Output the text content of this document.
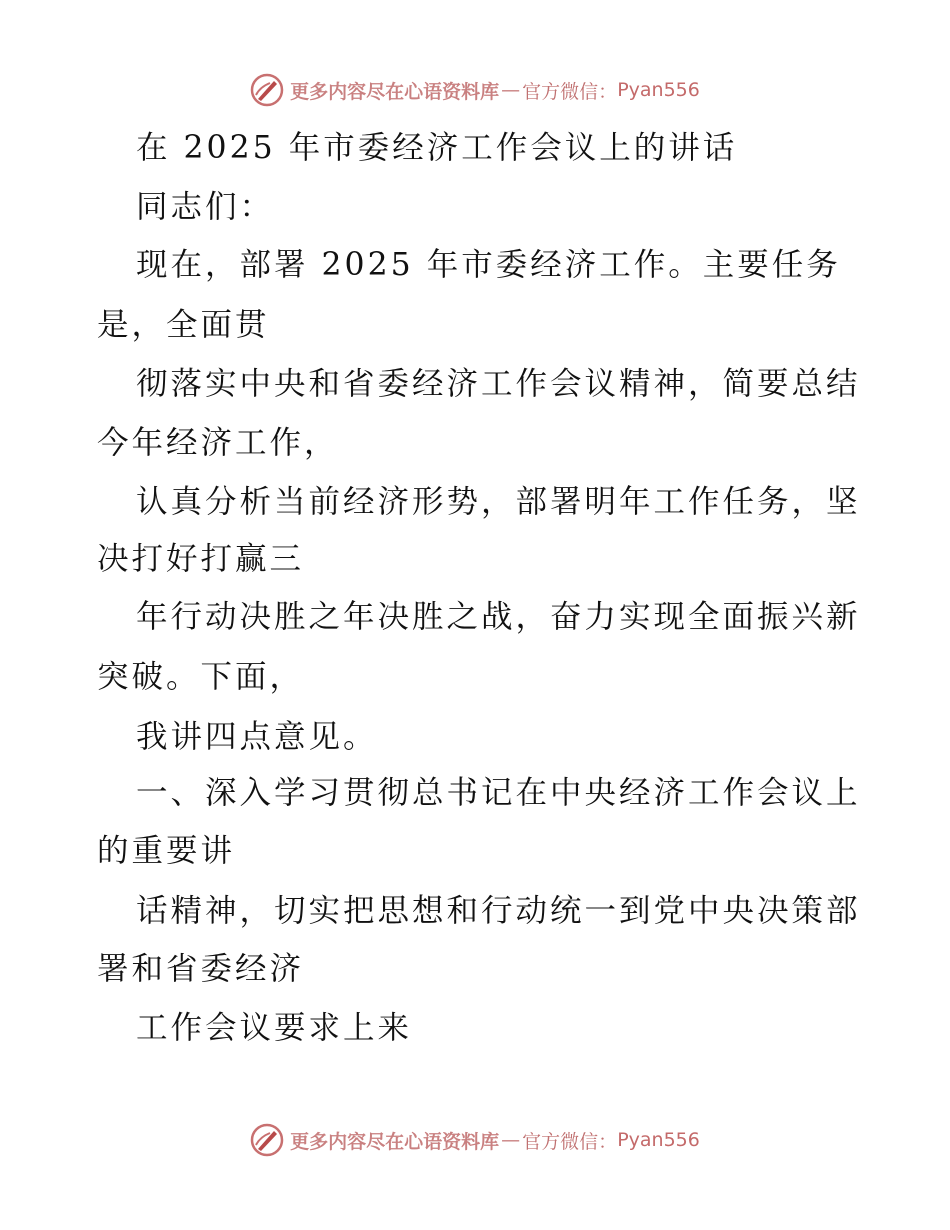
更多内容尽在心语资料库 — 官方微信： Pyan556
在 2025 年市委经济工作会议上的讲话
同志们：
现在，部署 2025 年市委经济工作。主要任务
是，全面贯
彻落实中央和省委经济工作会议精神，简要总结
今年经济工作，
认真分析当前经济形势，部署明年工作任务，坚
决打好打赢三
年行动决胜之年决胜之战，奋力实现全面振兴新
突破。下面，
我讲四点意见。
一、深入学习贯彻总书记在中央经济工作会议上
的重要讲
话精神，切实把思想和行动统一到党中央决策部
署和省委经济
工作会议要求上来
更多内容尽在心语资料库 — 官方微信： Pyan556
